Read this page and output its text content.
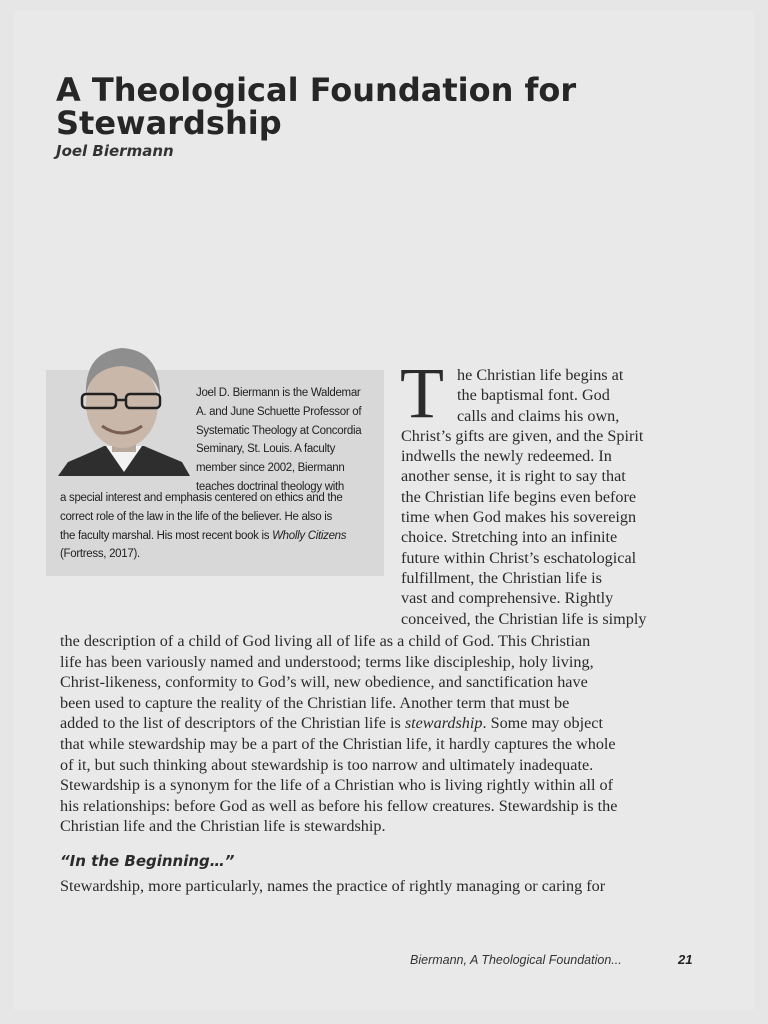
A Theological Foundation for Stewardship
Joel Biermann
Joel D. Biermann is the Waldemar
A. and June Schuette Professor of
Systematic Theology at Concordia
Seminary, St. Louis. A faculty
member since 2002, Biermann
teaches doctrinal theology with
a special interest and emphasis centered on ethics and the
correct role of the law in the life of the believer. He also is
the faculty marshal. His most recent book is Wholly Citizens
(Fortress, 2017).
T he Christian life begins at
the baptismal font. God
calls and claims his own,
Christ’s gifts are given, and the Spirit
indwells the newly redeemed. In
another sense, it is right to say that
the Christian life begins even before
time when God makes his sovereign
choice. Stretching into an infinite
future within Christ’s eschatological
fulfillment, the Christian life is
vast and comprehensive. Rightly
conceived, the Christian life is simply
the description of a child of God living all of life as a child of God. This Christian
life has been variously named and understood; terms like discipleship, holy living,
Christ-likeness, conformity to God’s will, new obedience, and sanctification have
been used to capture the reality of the Christian life. Another term that must be
added to the list of descriptors of the Christian life is stewardship. Some may object
that while stewardship may be a part of the Christian life, it hardly captures the whole
of it, but such thinking about stewardship is too narrow and ultimately inadequate.
Stewardship is a synonym for the life of a Christian who is living rightly within all of
his relationships: before God as well as before his fellow creatures. Stewardship is the
Christian life and the Christian life is stewardship.
“In the Beginning…”
Stewardship, more particularly, names the practice of rightly managing or caring for
Biermann, A Theological Foundation...	21
